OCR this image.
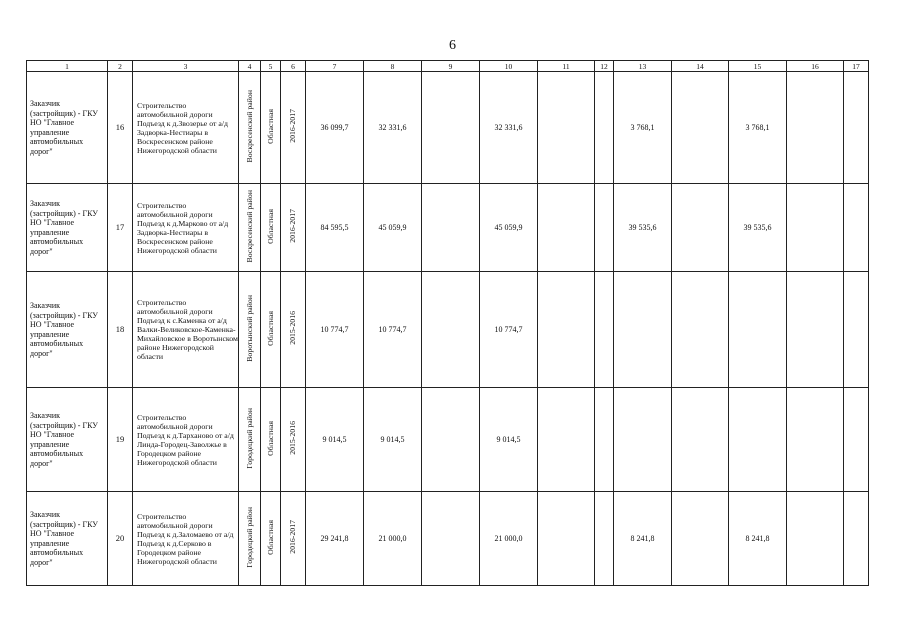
6
1	2	3	4	5	6	7	8	9	10	11	12	13	14	15	16	17
Заказчик (застройщик) - ГКУ НО "Главное управление автомобильных дорог"	16	Строительство автомобильной дороги Подъезд к д.Звозерье от а/д Задворка-Нестиары в Воскресенском районе Нижегородской области	Воскресенский район	Областная	2016-2017	36 099,7	32 331,6		32 331,6			3 768,1		3 768,1		
Заказчик (застройщик) - ГКУ НО "Главное управление автомобильных дорог"	17	Строительство автомобильной дороги Подъезд к д.Марково от а/д Задворка-Нестиары в Воскресенском районе Нижегородской области	Воскресенский район	Областная	2016-2017	84 595,5	45 059,9		45 059,9			39 535,6		39 535,6		
Заказчик (застройщик) - ГКУ НО "Главное управление автомобильных дорог"	18	Строительство автомобильной дороги Подъезд к с.Каменка от а/д Валки-Великовское-Каменка-Михайловское в Воротынском районе Нижегородской области	Воротынский район	Областная	2015-2016	10 774,7	10 774,7		10 774,7							
Заказчик (застройщик) - ГКУ НО "Главное управление автомобильных дорог"	19	Строительство автомобильной дороги Подъезд к д.Тарханово от а/д Линда-Городец-Заволжье в Городецком районе Нижегородской области	Городецкий район	Областная	2015-2016	9 014,5	9 014,5		9 014,5							
Заказчик (застройщик) - ГКУ НО "Главное управление автомобильных дорог"	20	Строительство автомобильной дороги Подъезд к д.Заломаево от а/д Подъезд к д.Серково в Городецком районе Нижегородской области	Городецкий район	Областная	2016-2017	29 241,8	21 000,0		21 000,0			8 241,8		8 241,8		
